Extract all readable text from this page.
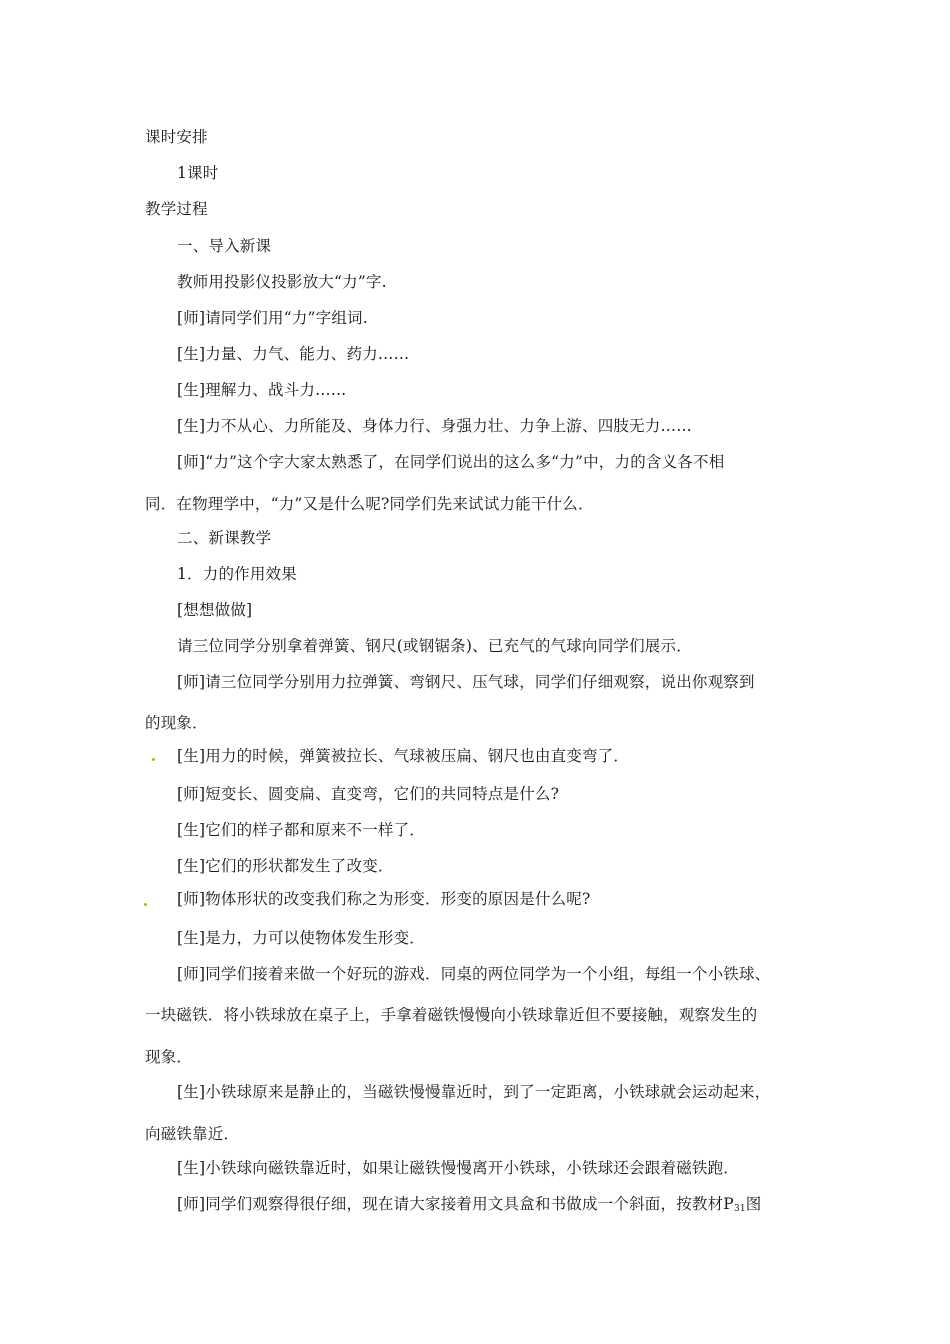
课时安排
1课时
教学过程
一、导入新课
教师用投影仪投影放大“力”字.
[师]请同学们用“力”字组词.
[生]力量、力气、能力、药力……
[生]理解力、战斗力……
[生]力不从心、力所能及、身体力行、身强力壮、力争上游、四肢无力……
[师]“力”这个字大家太熟悉了，在同学们说出的这么多“力”中，力的含义各不相
同．在物理学中，“力”又是什么呢?同学们先来试试力能干什么．
二、新课教学
1．力的作用效果
[想想做做]
请三位同学分别拿着弹簧、钢尺(或钢锯条)、已充气的气球向同学们展示．
[师]请三位同学分别用力拉弹簧、弯钢尺、压气球，同学们仔细观察，说出你观察到
的现象．
[生]用力的时候，弹簧被拉长、气球被压扁、钢尺也由直变弯了．
[师]短变长、圆变扁、直变弯，它们的共同特点是什么?
[生]它们的样子都和原来不一样了．
[生]它们的形状都发生了改变．
[师]物体形状的改变我们称之为形变．形变的原因是什么呢?
[生]是力，力可以使物体发生形变．
[师]同学们接着来做一个好玩的游戏．同桌的两位同学为一个小组，每组一个小铁球、
一块磁铁．将小铁球放在桌子上，手拿着磁铁慢慢向小铁球靠近但不要接触，观察发生的
现象．
[生]小铁球原来是静止的，当磁铁慢慢靠近时，到了一定距离，小铁球就会运动起来，
向磁铁靠近．
[生]小铁球向磁铁靠近时，如果让磁铁慢慢离开小铁球，小铁球还会跟着磁铁跑．
[师]同学们观察得很仔细，现在请大家接着用文具盒和书做成一个斜面，按教材$P_{31}$图
